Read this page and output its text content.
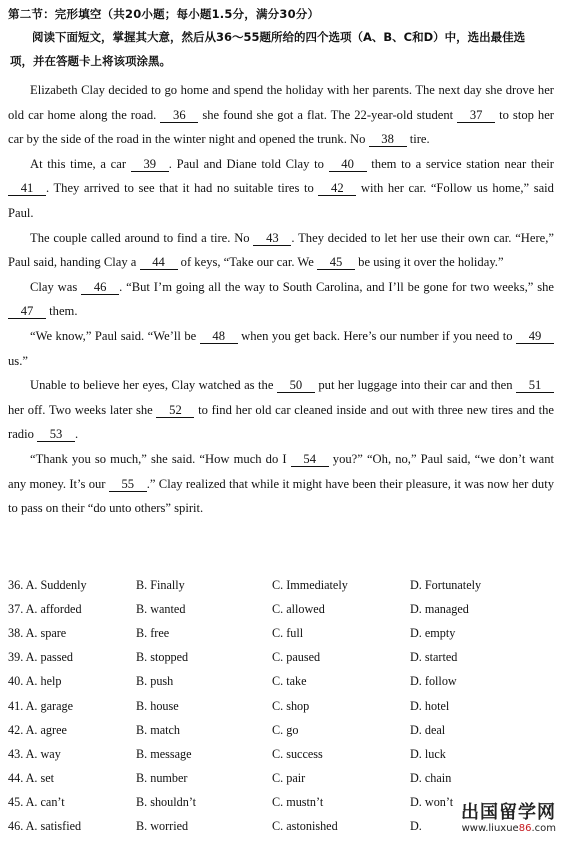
第二节：完形填空（共20小题；每小题1.5分，满分30分）
阅读下面短文，掌握其大意，然后从36～55题所给的四个选项（A、B、C和D）中，选出最佳选项，并在答题卡上将该项涂黑。

Elizabeth Clay decided to go home and spend the holiday with her parents. The next day she drove her old car home along the road. 36 she found she got a flat. The 22-year-old student 37 to stop her car by the side of the road in the winter night and opened the trunk. No 38 tire.

At this time, a car 39 . Paul and Diane told Clay to 40 them to a service station near their 41 . They arrived to see that it had no suitable tires to 42 with her car. “Follow us home,” said Paul.

The couple called around to find a tire. No 43 . They decided to let her use their own car. “Here,” Paul said, handing Clay a 44 of keys, “Take our car. We 45 be using it over the holiday.”

Clay was 46 . “But I’m going all the way to South Carolina, and I’ll be gone for two weeks,” she 47 them.

“We know,” Paul said. “We’ll be 48 when you get back. Here’s our number if you need to 49 us.”

Unable to believe her eyes, Clay watched as the 50 put her luggage into their car and then 51 her off. Two weeks later she 52 to find her old car cleaned inside and out with three new tires and the radio 53 .

“Thank you so much,” she said. “How much do I 54 you?” “Oh, no,” Paul said, “we don’t want any money. It’s our 55 .” Clay realized that while it might have been their pleasure, it was now her duty to pass on their “do unto others” spirit.

36. A. Suddenly	B. Finally	C. Immediately	D. Fortunately
37. A. afforded	B. wanted	C. allowed	D. managed
38. A. spare	B. free	C. full	D. empty
39. A. passed	B. stopped	C. paused	D. started
40. A. help	B. push	C. take	D. follow
41. A. garage	B. house	C. shop	D. hotel
42. A. agree	B. match	C. go	D. deal
43. A. way	B. message	C. success	D. luck
44. A. set	B. number	C. pair	D. chain
45. A. can’t	B. shouldn’t	C. mustn’t	D. won’t
46. A. satisfied	B. worried	C. astonished	D.
出国留学网
www.liuxue86.com
